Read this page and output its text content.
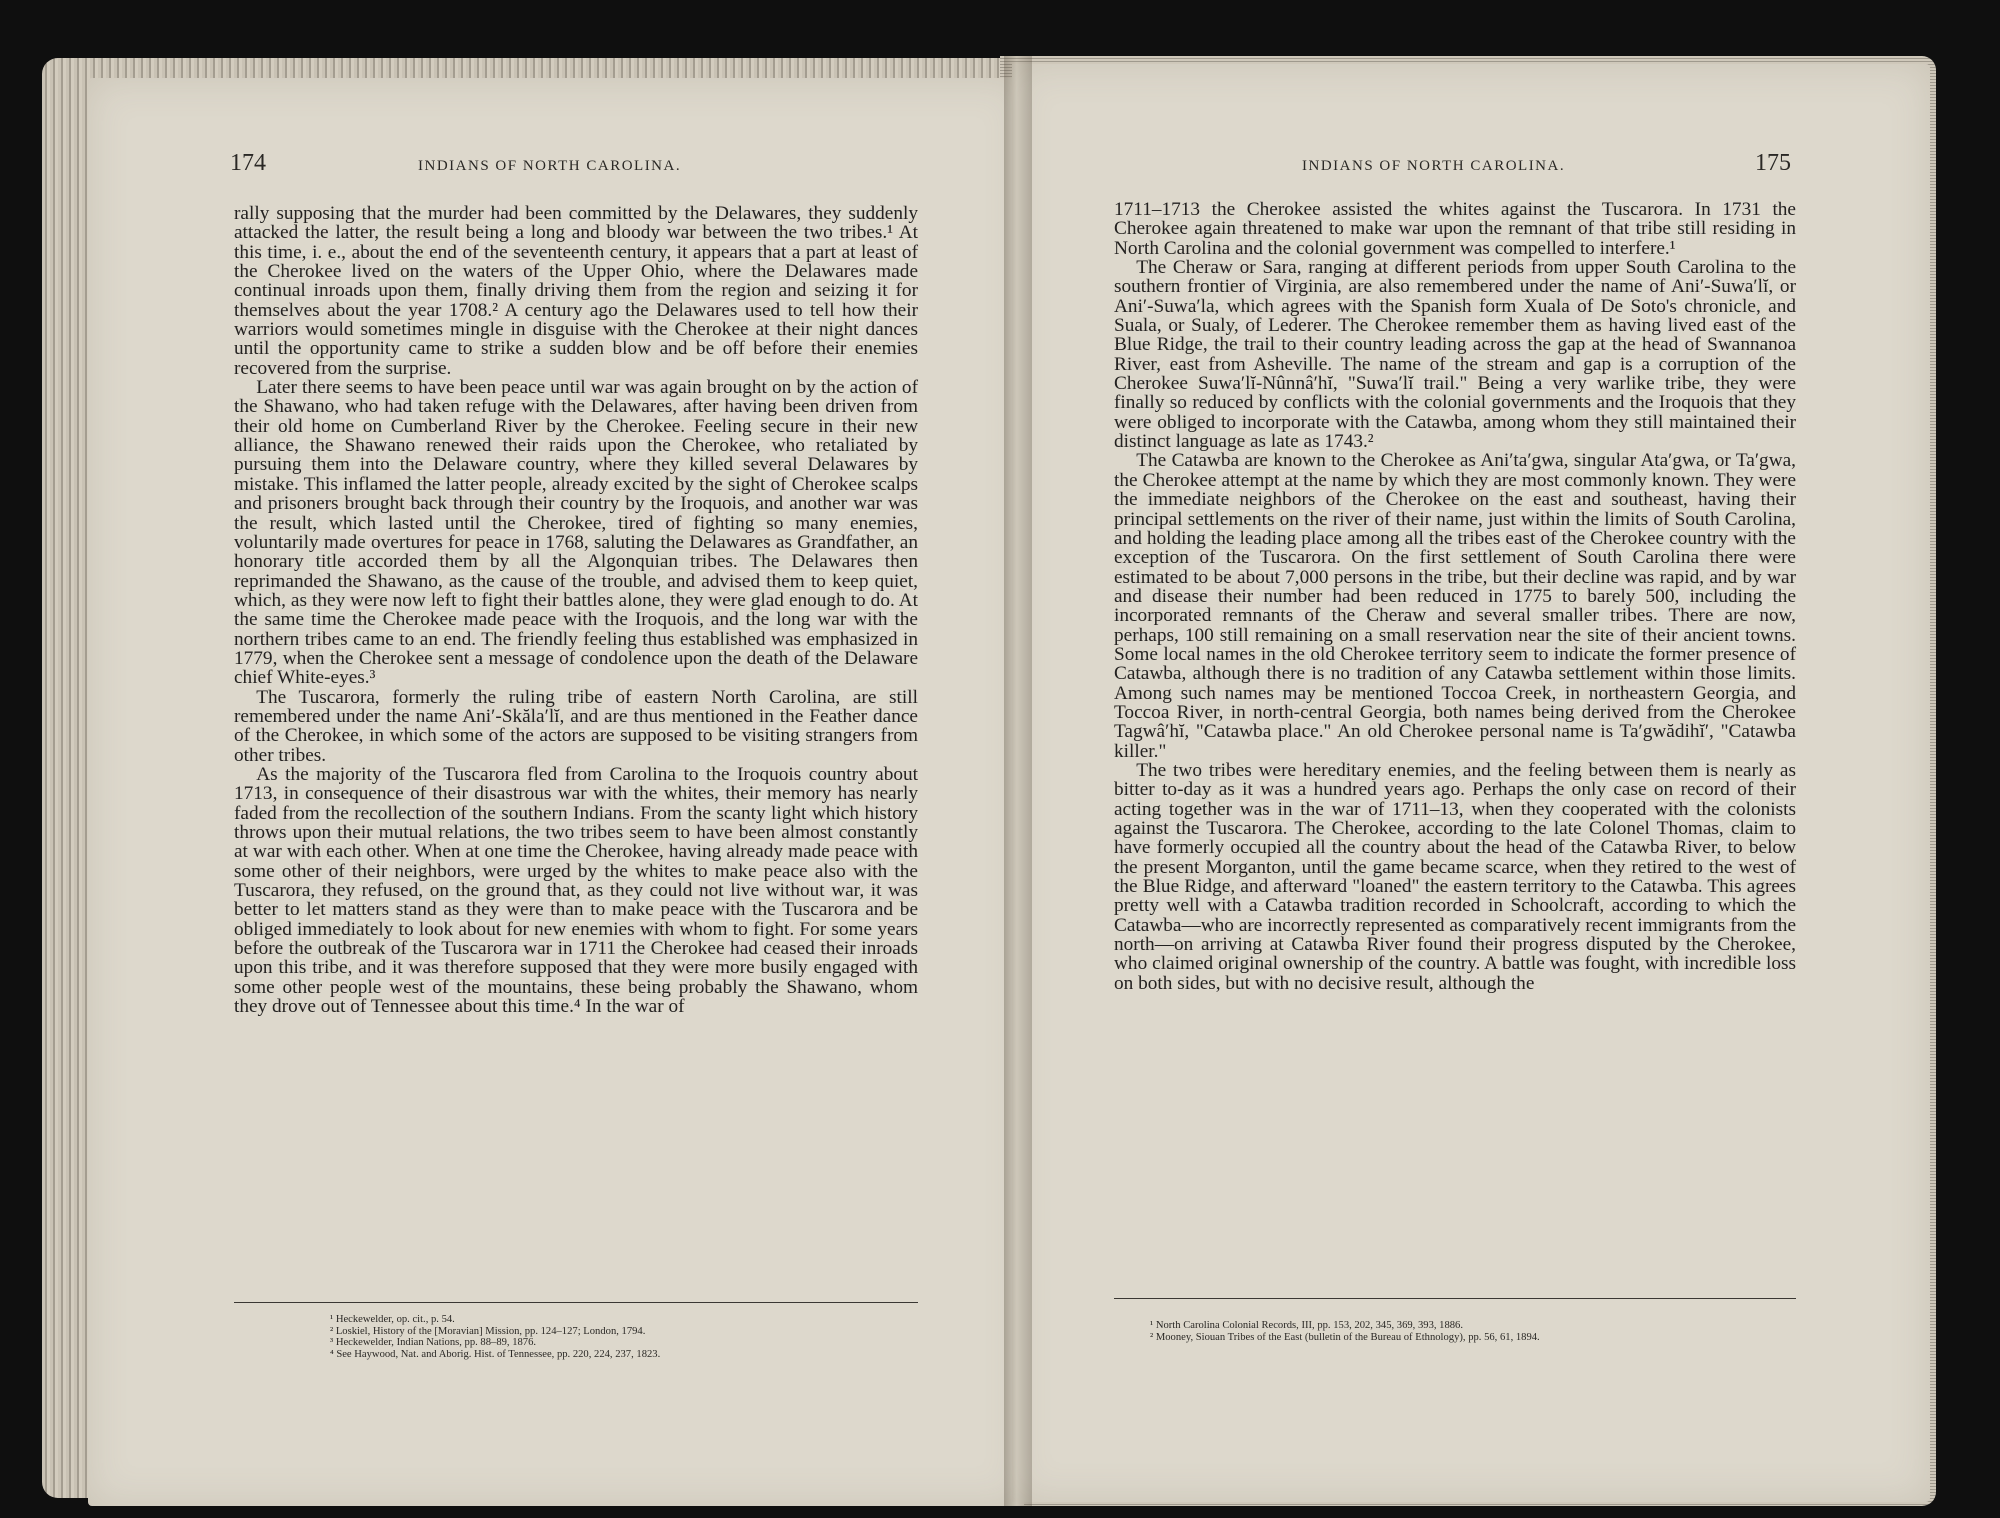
174	INDIANS OF NORTH CAROLINA.

rally supposing that the murder had been committed by the Delawares, they suddenly attacked the latter, the result being a long and bloody war between the two tribes.¹ At this time, i. e., about the end of the seventeenth century, it appears that a part at least of the Cherokee lived on the waters of the Upper Ohio, where the Delawares made continual inroads upon them, finally driving them from the region and seizing it for themselves about the year 1708.² A century ago the Delawares used to tell how their warriors would sometimes mingle in disguise with the Cherokee at their night dances until the opportunity came to strike a sudden blow and be off before their enemies recovered from the surprise.

Later there seems to have been peace until war was again brought on by the action of the Shawano, who had taken refuge with the Delawares, after having been driven from their old home on Cumberland River by the Cherokee. Feeling secure in their new alliance, the Shawano renewed their raids upon the Cherokee, who retaliated by pursuing them into the Delaware country, where they killed several Delawares by mistake. This inflamed the latter people, already excited by the sight of Cherokee scalps and prisoners brought back through their country by the Iroquois, and another war was the result, which lasted until the Cherokee, tired of fighting so many enemies, voluntarily made overtures for peace in 1768, saluting the Delawares as Grandfather, an honorary title accorded them by all the Algonquian tribes. The Delawares then reprimanded the Shawano, as the cause of the trouble, and advised them to keep quiet, which, as they were now left to fight their battles alone, they were glad enough to do. At the same time the Cherokee made peace with the Iroquois, and the long war with the northern tribes came to an end. The friendly feeling thus established was emphasized in 1779, when the Cherokee sent a message of condolence upon the death of the Delaware chief White-eyes.³

The Tuscarora, formerly the ruling tribe of eastern North Carolina, are still remembered under the name Ani′-Skăla′lĭ, and are thus mentioned in the Feather dance of the Cherokee, in which some of the actors are supposed to be visiting strangers from other tribes.

As the majority of the Tuscarora fled from Carolina to the Iroquois country about 1713, in consequence of their disastrous war with the whites, their memory has nearly faded from the recollection of the southern Indians. From the scanty light which history throws upon their mutual relations, the two tribes seem to have been almost constantly at war with each other. When at one time the Cherokee, having already made peace with some other of their neighbors, were urged by the whites to make peace also with the Tuscarora, they refused, on the ground that, as they could not live without war, it was better to let matters stand as they were than to make peace with the Tuscarora and be obliged immediately to look about for new enemies with whom to fight. For some years before the outbreak of the Tuscarora war in 1711 the Cherokee had ceased their inroads upon this tribe, and it was therefore supposed that they were more busily engaged with some other people west of the mountains, these being probably the Shawano, whom they drove out of Tennessee about this time.⁴ In the war of

¹ Heckewelder, op. cit., p. 54.
² Loskiel, History of the [Moravian] Mission, pp. 124–127; London, 1794.
³ Heckewelder, Indian Nations, pp. 88–89, 1876.
⁴ See Haywood, Nat. and Aborig. Hist. of Tennessee, pp. 220, 224, 237, 1823.
INDIANS OF NORTH CAROLINA.	175

1711–1713 the Cherokee assisted the whites against the Tuscarora. In 1731 the Cherokee again threatened to make war upon the remnant of that tribe still residing in North Carolina and the colonial government was compelled to interfere.¹

The Cheraw or Sara, ranging at different periods from upper South Carolina to the southern frontier of Virginia, are also remembered under the name of Ani′-Suwa′lĭ, or Ani′-Suwa′la, which agrees with the Spanish form Xuala of De Soto's chronicle, and Suala, or Sualy, of Lederer. The Cherokee remember them as having lived east of the Blue Ridge, the trail to their country leading across the gap at the head of Swannanoa River, east from Asheville. The name of the stream and gap is a corruption of the Cherokee Suwa′lĭ-Nûnnâ′hĭ, "Suwa′lĭ trail." Being a very warlike tribe, they were finally so reduced by conflicts with the colonial governments and the Iroquois that they were obliged to incorporate with the Catawba, among whom they still maintained their distinct language as late as 1743.²

The Catawba are known to the Cherokee as Ani′ta′gwa, singular Ata′gwa, or Ta′gwa, the Cherokee attempt at the name by which they are most commonly known. They were the immediate neighbors of the Cherokee on the east and southeast, having their principal settlements on the river of their name, just within the limits of South Carolina, and holding the leading place among all the tribes east of the Cherokee country with the exception of the Tuscarora. On the first settlement of South Carolina there were estimated to be about 7,000 persons in the tribe, but their decline was rapid, and by war and disease their number had been reduced in 1775 to barely 500, including the incorporated remnants of the Cheraw and several smaller tribes. There are now, perhaps, 100 still remaining on a small reservation near the site of their ancient towns. Some local names in the old Cherokee territory seem to indicate the former presence of Catawba, although there is no tradition of any Catawba settlement within those limits. Among such names may be mentioned Toccoa Creek, in northeastern Georgia, and Toccoa River, in north-central Georgia, both names being derived from the Cherokee Tagwâ′hĭ, "Catawba place." An old Cherokee personal name is Ta′gwădihĭ′, "Catawba killer."

The two tribes were hereditary enemies, and the feeling between them is nearly as bitter to-day as it was a hundred years ago. Perhaps the only case on record of their acting together was in the war of 1711–13, when they cooperated with the colonists against the Tuscarora. The Cherokee, according to the late Colonel Thomas, claim to have formerly occupied all the country about the head of the Catawba River, to below the present Morganton, until the game became scarce, when they retired to the west of the Blue Ridge, and afterward "loaned" the eastern territory to the Catawba. This agrees pretty well with a Catawba tradition recorded in Schoolcraft, according to which the Catawba—who are incorrectly represented as comparatively recent immigrants from the north—on arriving at Catawba River found their progress disputed by the Cherokee, who claimed original ownership of the country. A battle was fought, with incredible loss on both sides, but with no decisive result, although the

¹ North Carolina Colonial Records, III, pp. 153, 202, 345, 369, 393, 1886.
² Mooney, Siouan Tribes of the East (bulletin of the Bureau of Ethnology), pp. 56, 61, 1894.
